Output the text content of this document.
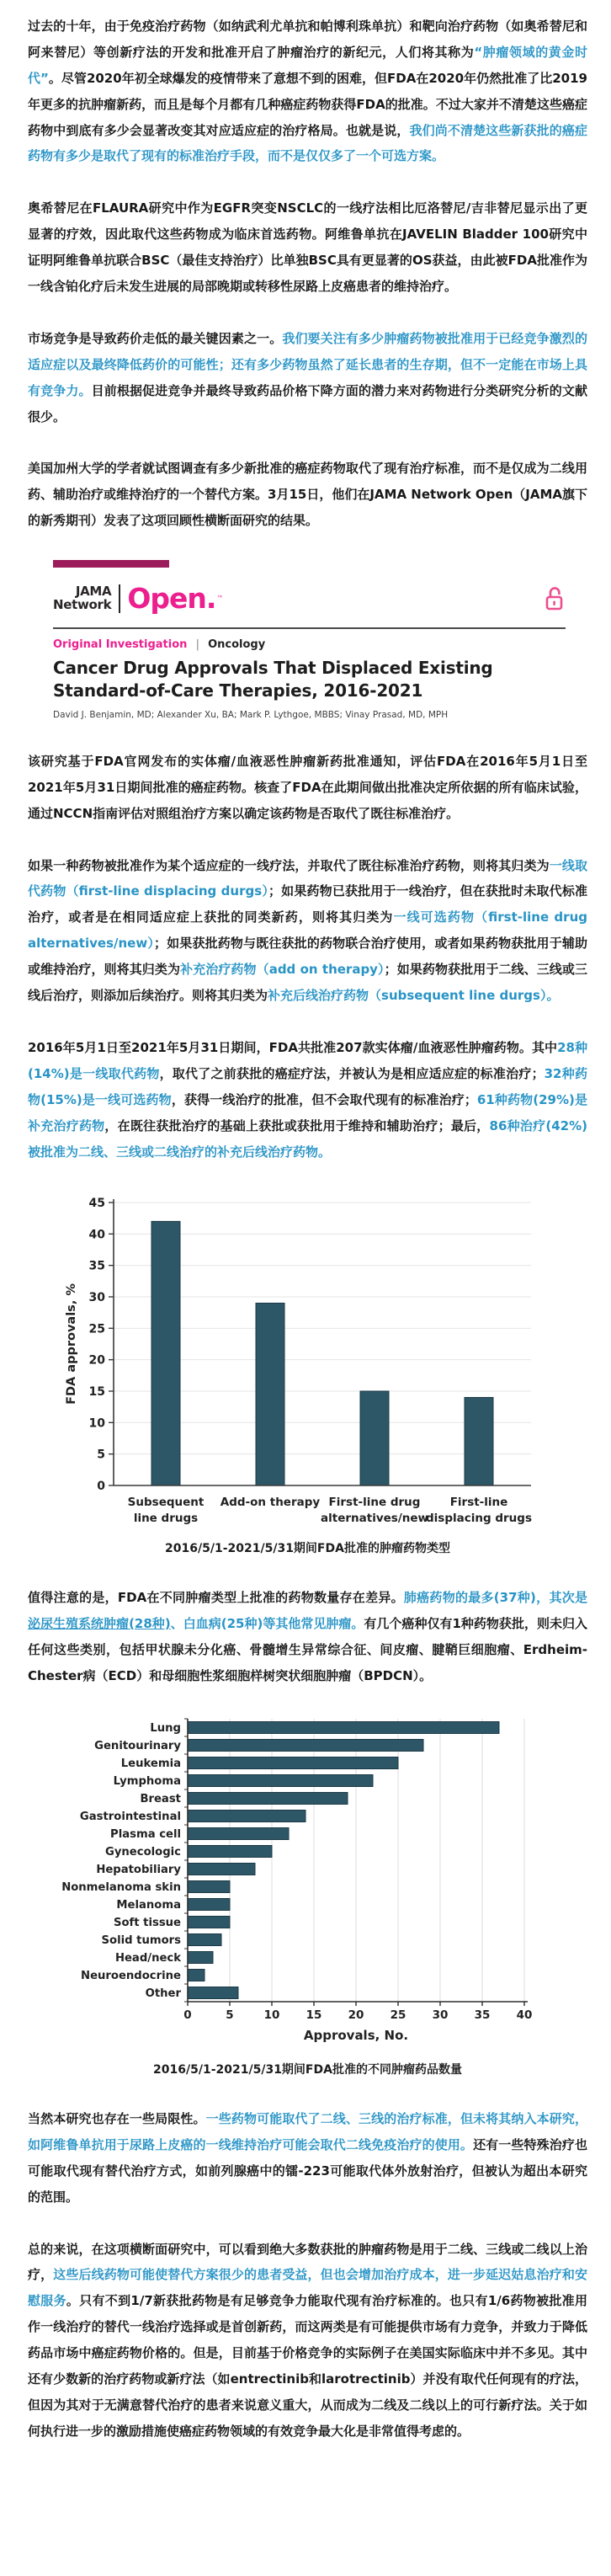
过去的十年，由于免疫治疗药物（如纳武利尤单抗和帕博利珠单抗）和靶向治疗药物（如奥希替尼和阿来替尼）等创新疗法的开发和批准开启了肿瘤治疗的新纪元，人们将其称为“肿瘤领域的黄金时代”。尽管2020年初全球爆发的疫情带来了意想不到的困难，但FDA在2020年仍然批准了比2019年更多的抗肿瘤新药，而且是每个月都有几种癌症药物获得FDA的批准。不过大家并不清楚这些癌症药物中到底有多少会显著改变其对应适应症的治疗格局。也就是说，我们尚不清楚这些新获批的癌症药物有多少是取代了现有的标准治疗手段，而不是仅仅多了一个可选方案。

奥希替尼在FLAURA研究中作为EGFR突变NSCLC的一线疗法相比厄洛替尼/吉非替尼显示出了更显著的疗效，因此取代这些药物成为临床首选药物。阿维鲁单抗在JAVELIN Bladder 100研究中证明阿维鲁单抗联合BSC（最佳支持治疗）比单独BSC具有更显著的OS获益，由此被FDA批准作为一线含铂化疗后未发生进展的局部晚期或转移性尿路上皮癌患者的维持治疗。

市场竞争是导致药价走低的最关键因素之一。我们要关注有多少肿瘤药物被批准用于已经竞争激烈的适应症以及最终降低药价的可能性；还有多少药物虽然了延长患者的生存期，但不一定能在市场上具有竞争力。目前根据促进竞争并最终导致药品价格下降方面的潜力来对药物进行分类研究分析的文献很少。

美国加州大学的学者就试图调查有多少新批准的癌症药物取代了现有治疗标准，而不是仅成为二线用药、辅助治疗或维持治疗的一个替代方案。3月15日，他们在JAMA Network Open（JAMA旗下的新秀期刊）发表了这项回顾性横断面研究的结果。

JAMA
Network Open. ™
Original Investigation | Oncology
Cancer Drug Approvals That Displaced Existing Standard-of-Care Therapies, 2016-2021
David J. Benjamin, MD; Alexander Xu, BA; Mark P. Lythgoe, MBBS; Vinay Prasad, MD, MPH

该研究基于FDA官网发布的实体瘤/血液恶性肿瘤新药批准通知，评估FDA在2016年5月1日至2021年5月31日期间批准的癌症药物。核查了FDA在此期间做出批准决定所依据的所有临床试验，通过NCCN指南评估对照组治疗方案以确定该药物是否取代了既往标准治疗。

如果一种药物被批准作为某个适应症的一线疗法，并取代了既往标准治疗药物，则将其归类为一线取代药物（first-line displacing durgs）；如果药物已获批用于一线治疗，但在获批时未取代标准治疗，或者是在相同适应症上获批的同类新药，则将其归类为一线可选药物（first-line drug alternatives/new）；如果获批药物与既往获批的药物联合治疗使用，或者如果药物获批用于辅助或维持治疗，则将其归类为补充治疗药物（add on therapy）；如果药物获批用于二线、三线或三线后治疗，则添加后续治疗。则将其归类为补充后线治疗药物（subsequent line durgs）。

2016年5月1日至2021年5月31日期间，FDA共批准207款实体瘤/血液恶性肿瘤药物。其中28种 (14%)是一线取代药物，取代了之前获批的癌症疗法，并被认为是相应适应症的标准治疗；32种药物(15%)是一线可选药物，获得一线治疗的批准，但不会取代现有的标准治疗；61种药物(29%)是补充治疗药物，在既往获批治疗的基础上获批或获批用于维持和辅助治疗；最后，86种治疗(42%)被批准为二线、三线或二线治疗的补充后线治疗药物。

0
5
10
15
20
25
30
35
40
45
FDA approvals, %
Subsequent
line drugs
Add-on therapy First-line drug
alternatives/new
First-line
displacing drugs
2016/5/1-2021/5/31期间FDA批准的肿瘤药物类型

值得注意的是，FDA在不同肿瘤类型上批准的药物数量存在差异。肺癌药物的最多(37种)，其次是泌尿生殖系统肿瘤(28种)、白血病(25种)等其他常见肿瘤。有几个癌种仅有1种药物获批，则未归入任何这些类别，包括甲状腺未分化癌、骨髓增生异常综合征、间皮瘤、腱鞘巨细胞瘤、Erdheim-Chester病（ECD）和母细胞性浆细胞样树突状细胞肿瘤（BPDCN）。

Lung
Genitourinary
Leukemia
Lymphoma
Breast
Gastrointestinal
Plasma cell
Gynecologic
Hepatobiliary
Nonmelanoma skin
Melanoma
Soft tissue
Solid tumors
Head/neck
Neuroendocrine
Other
0	5	10 15 20 25 30 35 40
Approvals, No.
2016/5/1-2021/5/31期间FDA批准的不同肿瘤药品数量

当然本研究也存在一些局限性。一些药物可能取代了二线、三线的治疗标准，但未将其纳入本研究，如阿维鲁单抗用于尿路上皮癌的一线维持治疗可能会取代二线免疫治疗的使用。还有一些特殊治疗也可能取代现有替代治疗方式，如前列腺癌中的镭-223可能取代体外放射治疗，但被认为超出本研究的范围。

总的来说，在这项横断面研究中，可以看到绝大多数获批的肿瘤药物是用于二线、三线或二线以上治疗，这些后线药物可能使替代方案很少的患者受益，但也会增加治疗成本，进一步延迟姑息治疗和安慰服务。只有不到1/7新获批药物是有足够竞争力能取代现有治疗标准的。也只有1/6药物被批准用作一线治疗的替代一线治疗选择或是首创新药，而这两类是有可能提供市场有力竞争，并致力于降低药品市场中癌症药物价格的。但是，目前基于价格竞争的实际例子在美国实际临床中并不多见。其中还有少数新的治疗药物或新疗法（如entrectinib和larotrectinib）并没有取代任何现有的疗法，但因为其对于无满意替代治疗的患者来说意义重大，从而成为二线及二线以上的可行新疗法。关于如何执行进一步的激励措施使癌症药物领域的有效竞争最大化是非常值得考虑的。
